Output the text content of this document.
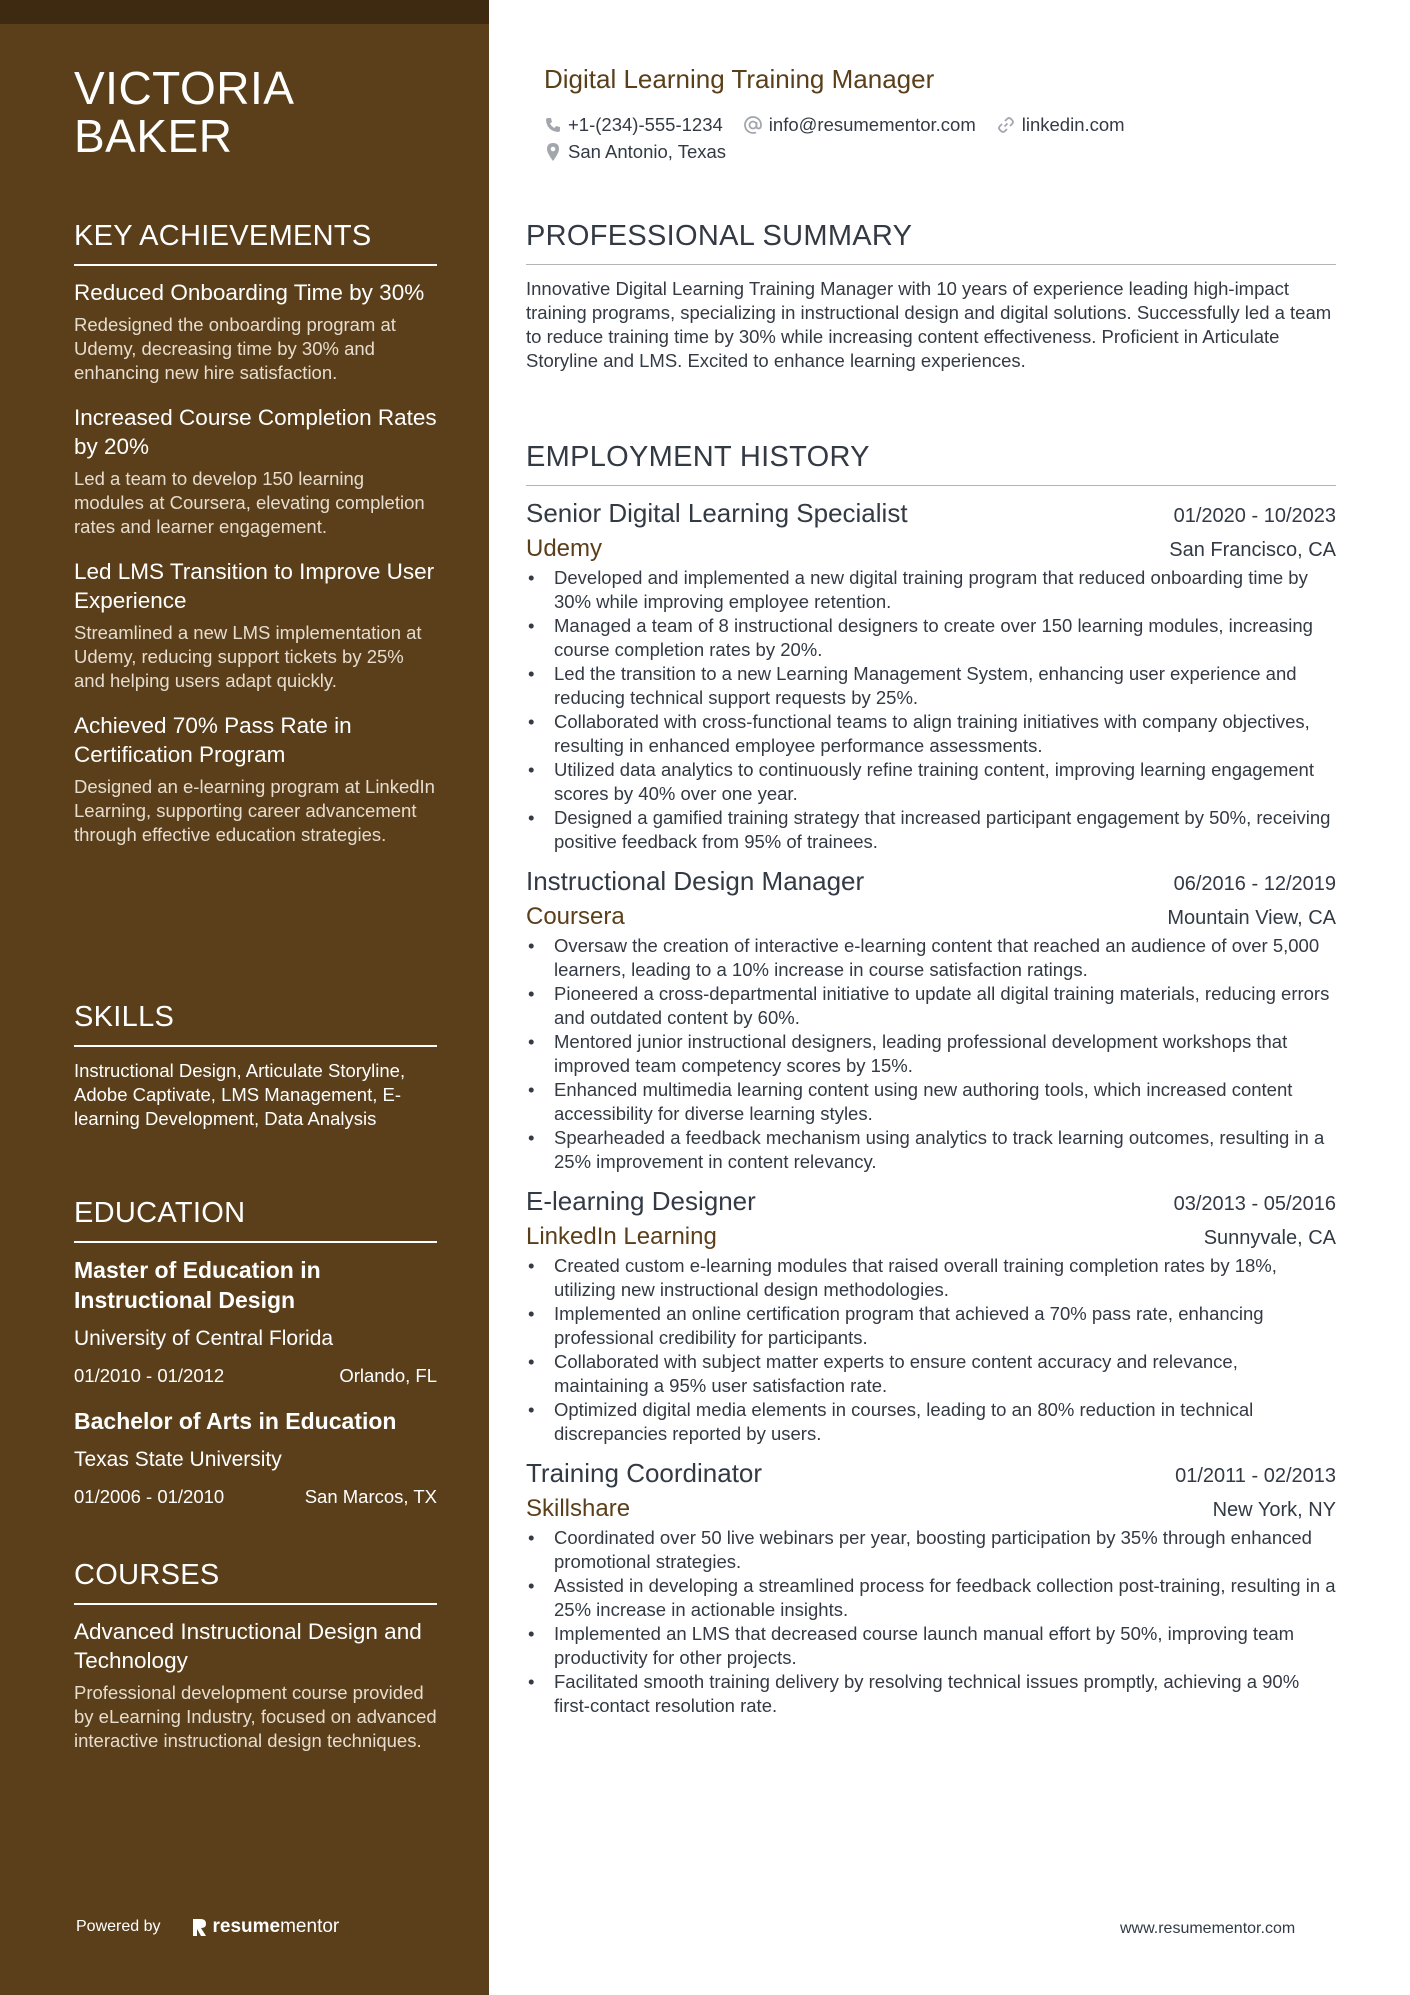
VICTORIA
BAKER
KEY ACHIEVEMENTS
Reduced Onboarding Time by 30%
Redesigned the onboarding program at Udemy, decreasing time by 30% and enhancing new hire satisfaction.
Increased Course Completion Rates by 20%
Led a team to develop 150 learning modules at Coursera, elevating completion rates and learner engagement.
Led LMS Transition to Improve User Experience
Streamlined a new LMS implementation at Udemy, reducing support tickets by 25% and helping users adapt quickly.
Achieved 70% Pass Rate in Certification Program
Designed an e-learning program at LinkedIn Learning, supporting career advancement through effective education strategies.
SKILLS
Instructional Design, Articulate Storyline, Adobe Captivate, LMS Management, E-learning Development, Data Analysis
EDUCATION
Master of Education in Instructional Design
University of Central Florida
01/2010 - 01/2012	Orlando, FL
Bachelor of Arts in Education
Texas State University
01/2006 - 01/2010	San Marcos, TX
COURSES
Advanced Instructional Design and Technology
Professional development course provided by eLearning Industry, focused on advanced interactive instructional design techniques.
Powered by	resume mentor
Digital Learning Training Manager
+1-(234)-555-1234 info@resumementor.com linkedin.com
San Antonio, Texas
PROFESSIONAL SUMMARY
Innovative Digital Learning Training Manager with 10 years of experience leading high-impact training programs, specializing in instructional design and digital solutions. Successfully led a team to reduce training time by 30% while increasing content effectiveness. Proficient in Articulate Storyline and LMS. Excited to enhance learning experiences.
EMPLOYMENT HISTORY
Senior Digital Learning Specialist	01/2020 - 10/2023
Udemy	San Francisco, CA
• Developed and implemented a new digital training program that reduced onboarding time by 30% while improving employee retention.
• Managed a team of 8 instructional designers to create over 150 learning modules, increasing course completion rates by 20%.
• Led the transition to a new Learning Management System, enhancing user experience and reducing technical support requests by 25%.
• Collaborated with cross-functional teams to align training initiatives with company objectives, resulting in enhanced employee performance assessments.
• Utilized data analytics to continuously refine training content, improving learning engagement scores by 40% over one year.
• Designed a gamified training strategy that increased participant engagement by 50%, receiving positive feedback from 95% of trainees.
Instructional Design Manager	06/2016 - 12/2019
Coursera	Mountain View, CA
• Oversaw the creation of interactive e-learning content that reached an audience of over 5,000 learners, leading to a 10% increase in course satisfaction ratings.
• Pioneered a cross-departmental initiative to update all digital training materials, reducing errors and outdated content by 60%.
• Mentored junior instructional designers, leading professional development workshops that improved team competency scores by 15%.
• Enhanced multimedia learning content using new authoring tools, which increased content accessibility for diverse learning styles.
• Spearheaded a feedback mechanism using analytics to track learning outcomes, resulting in a 25% improvement in content relevancy.
E-learning Designer	03/2013 - 05/2016
LinkedIn Learning	Sunnyvale, CA
• Created custom e-learning modules that raised overall training completion rates by 18%, utilizing new instructional design methodologies.
• Implemented an online certification program that achieved a 70% pass rate, enhancing professional credibility for participants.
• Collaborated with subject matter experts to ensure content accuracy and relevance, maintaining a 95% user satisfaction rate.
• Optimized digital media elements in courses, leading to an 80% reduction in technical discrepancies reported by users.
Training Coordinator	01/2011 - 02/2013
Skillshare	New York, NY
• Coordinated over 50 live webinars per year, boosting participation by 35% through enhanced promotional strategies.
• Assisted in developing a streamlined process for feedback collection post-training, resulting in a 25% increase in actionable insights.
• Implemented an LMS that decreased course launch manual effort by 50%, improving team productivity for other projects.
• Facilitated smooth training delivery by resolving technical issues promptly, achieving a 90% first-contact resolution rate.
www.resumementor.com
